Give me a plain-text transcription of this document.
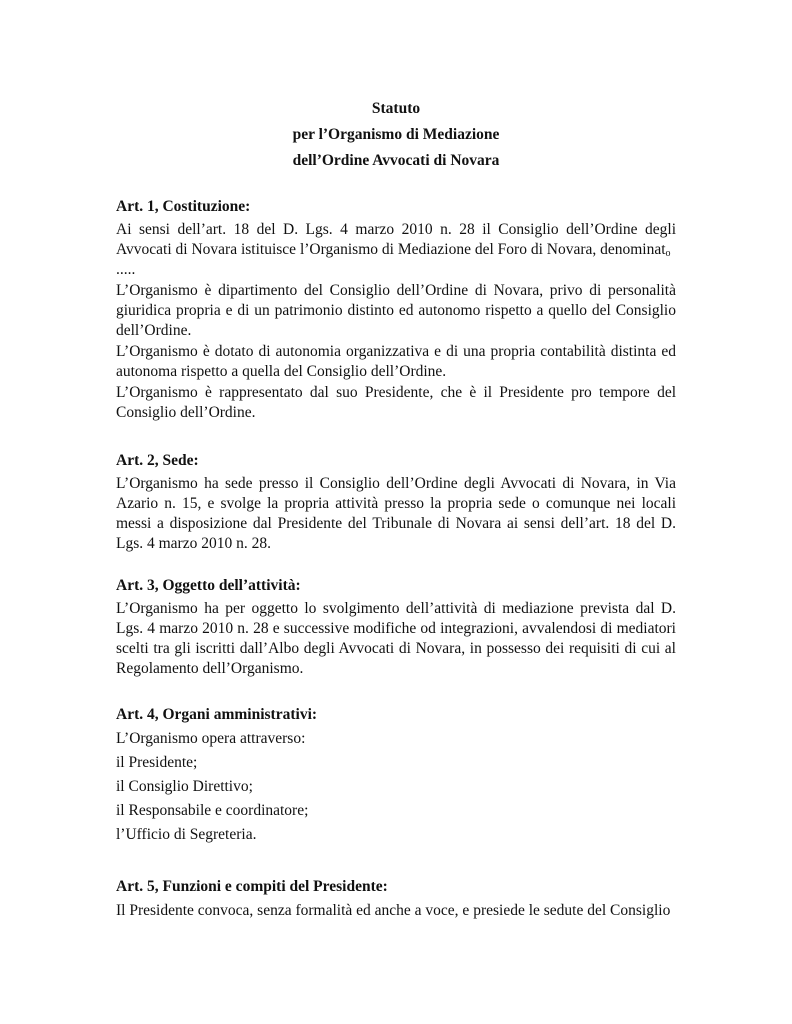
Statuto
per l’Organismo di Mediazione
dell’Ordine Avvocati di Novara
Art. 1, Costituzione:
Ai sensi dell’art. 18 del D. Lgs. 4 marzo 2010 n. 28 il Consiglio dell’Ordine degli Avvocati di Novara istituisce l’Organismo di Mediazione del Foro di Novara, denominat$_o$
.....
L’Organismo è dipartimento del Consiglio dell’Ordine di Novara, privo di personalità giuridica propria e di un patrimonio distinto ed autonomo rispetto a quello del Consiglio dell’Ordine.
L’Organismo è dotato di autonomia organizzativa e di una propria contabilità distinta ed autonoma rispetto a quella del Consiglio dell’Ordine.
L’Organismo è rappresentato dal suo Presidente, che è il Presidente pro tempore del Consiglio dell’Ordine.
Art. 2, Sede:
L’Organismo ha sede presso il Consiglio dell’Ordine degli Avvocati di Novara, in Via Azario n. 15, e svolge la propria attività presso la propria sede o comunque nei locali messi a disposizione dal Presidente del Tribunale di Novara ai sensi dell’art. 18 del D. Lgs. 4 marzo 2010 n. 28.
Art. 3, Oggetto dell’attività:
L’Organismo ha per oggetto lo svolgimento dell’attività di mediazione prevista dal D. Lgs. 4 marzo 2010 n. 28 e successive modifiche od integrazioni, avvalendosi di mediatori scelti tra gli iscritti dall’Albo degli Avvocati di Novara, in possesso dei requisiti di cui al Regolamento dell’Organismo.
Art. 4, Organi amministrativi:
L’Organismo opera attraverso:
il Presidente;
il Consiglio Direttivo;
il Responsabile e coordinatore;
l’Ufficio di Segreteria.
Art. 5, Funzioni e compiti del Presidente:
Il Presidente convoca, senza formalità ed anche a voce, e presiede le sedute del Consiglio
